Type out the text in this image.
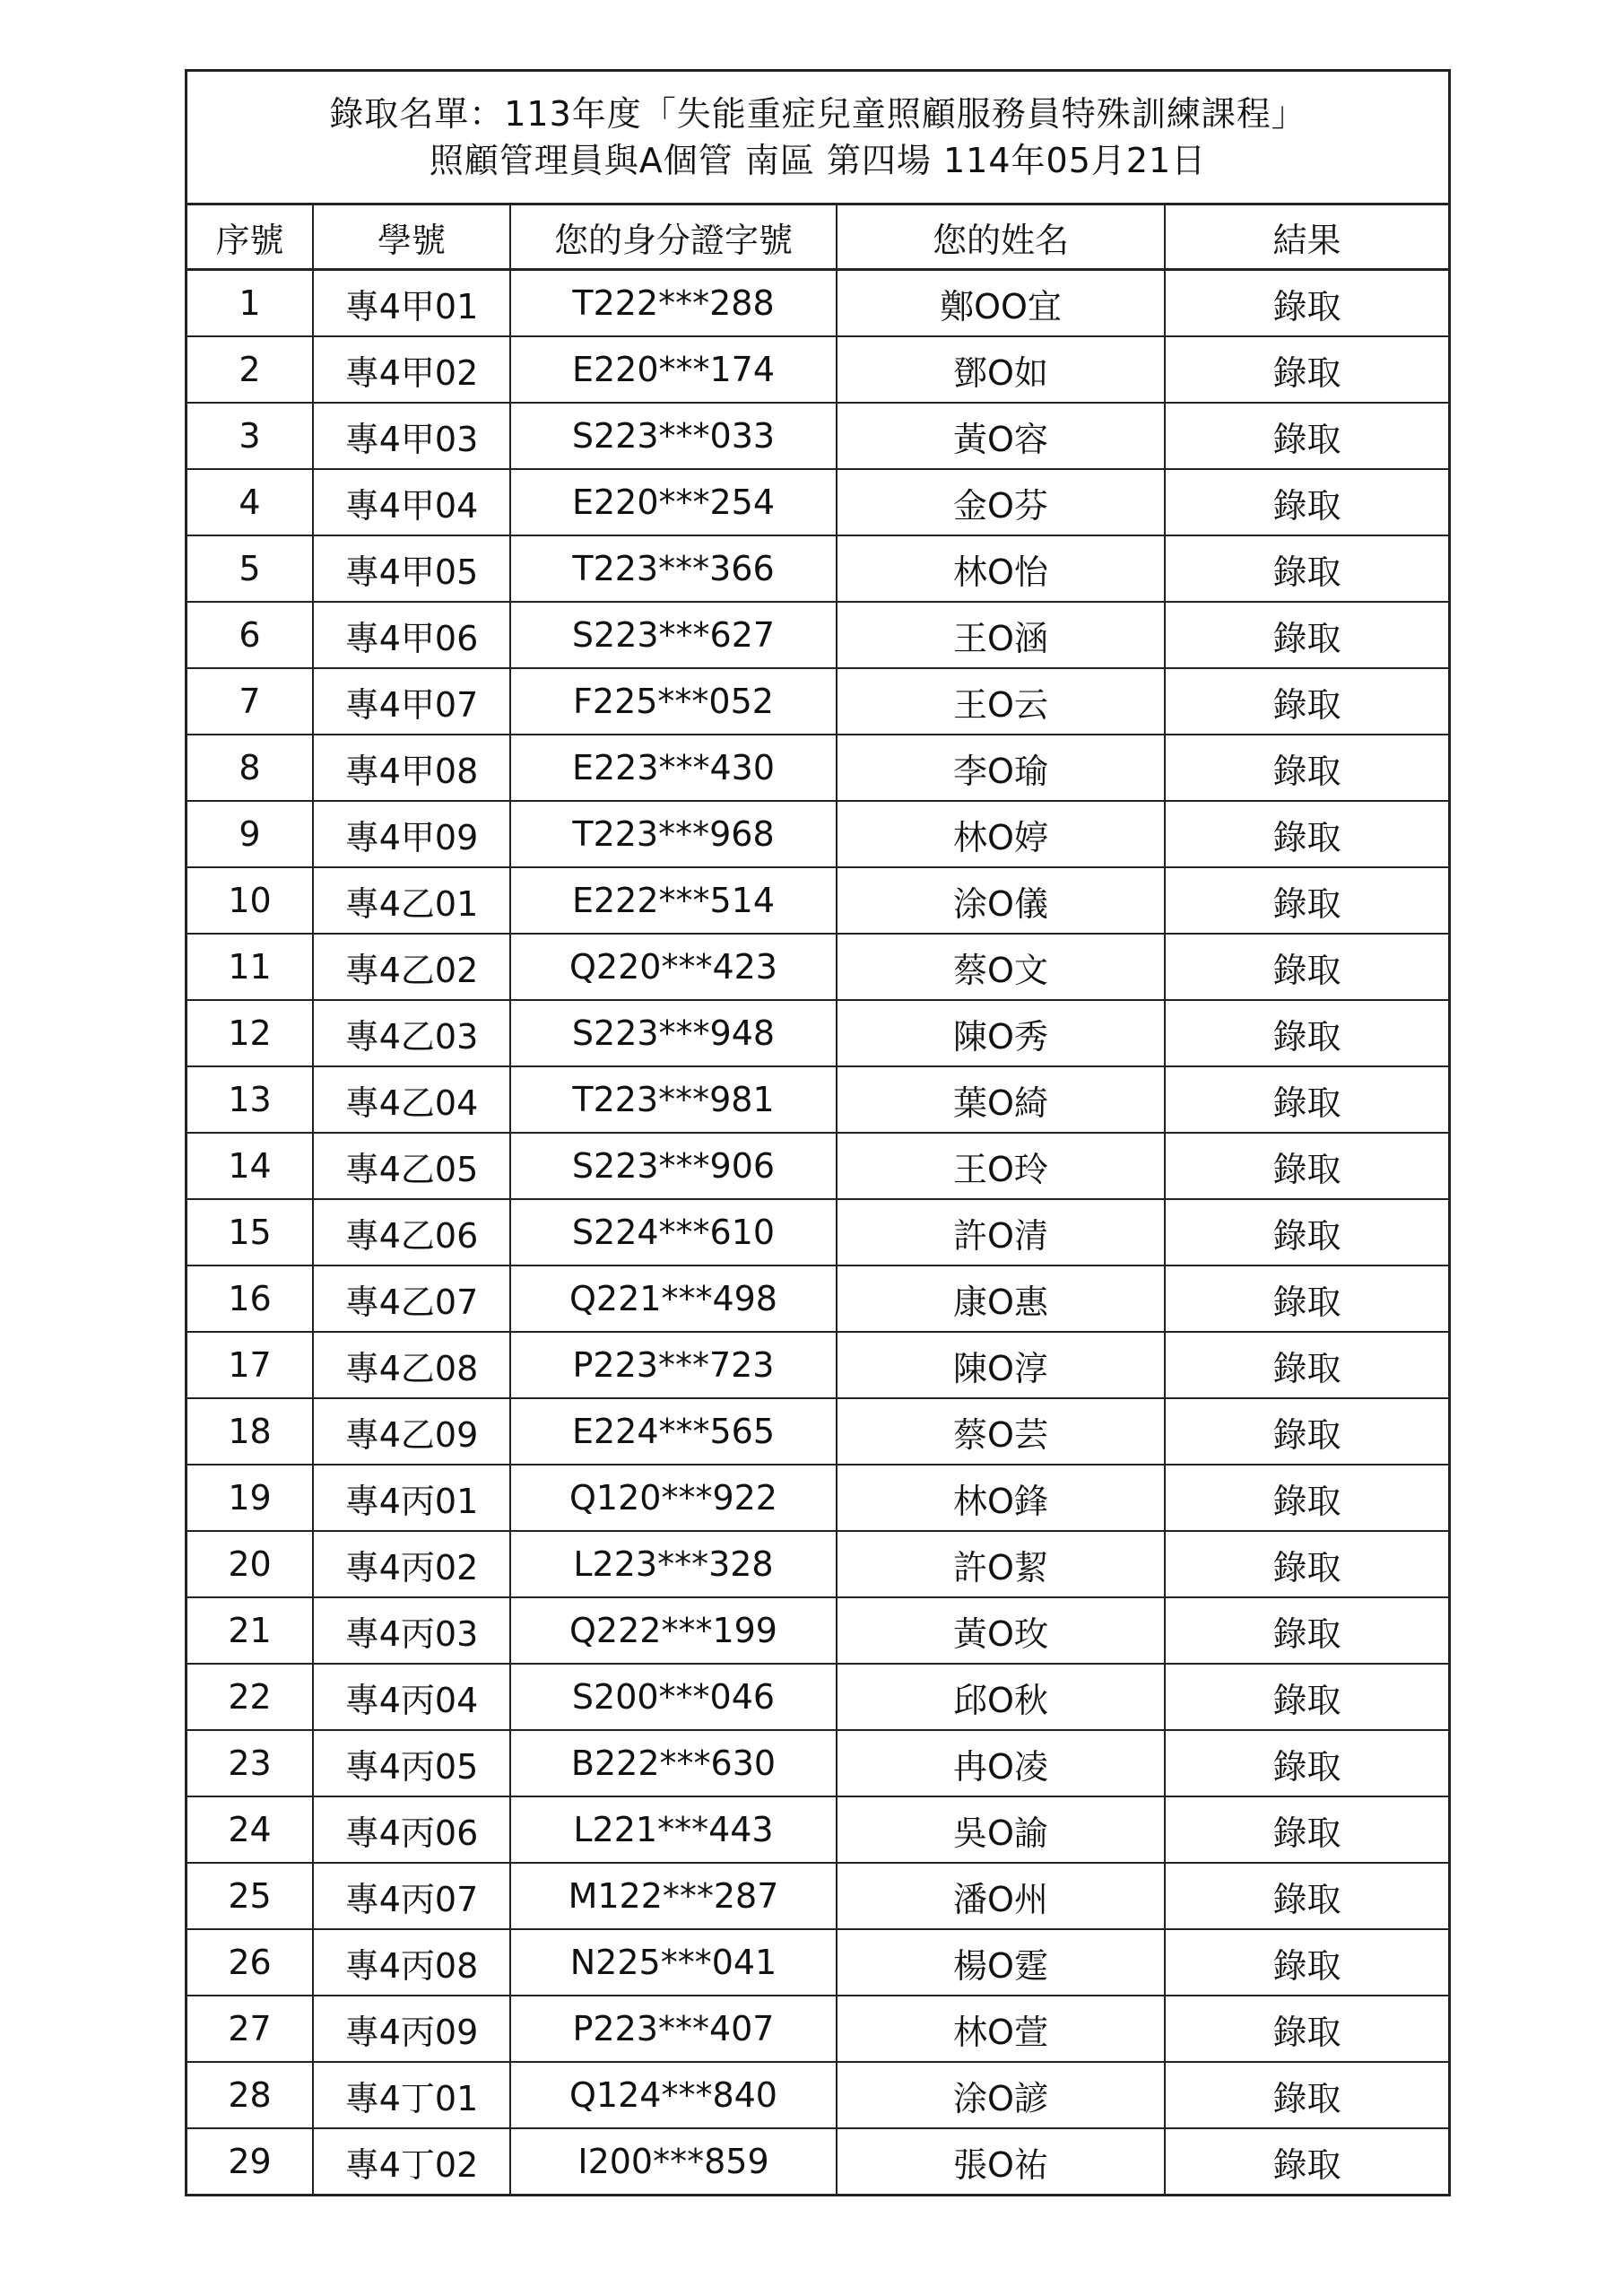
錄取名單：113年度「失能重症兒童照顧服務員特殊訓練課程」
照顧管理員與A個管 南區 第四場 114年05月21日
序號	學號	您的身分證字號	您的姓名	結果
1	專4甲01	T222***288	鄭OO宜	錄取
2	專4甲02	E220***174	鄧O如	錄取
3	專4甲03	S223***033	黃O容	錄取
4	專4甲04	E220***254	金O芬	錄取
5	專4甲05	T223***366	林O怡	錄取
6	專4甲06	S223***627	王O涵	錄取
7	專4甲07	F225***052	王O云	錄取
8	專4甲08	E223***430	李O瑜	錄取
9	專4甲09	T223***968	林O婷	錄取
10	專4乙01	E222***514	涂O儀	錄取
11	專4乙02	Q220***423	蔡O文	錄取
12	專4乙03	S223***948	陳O秀	錄取
13	專4乙04	T223***981	葉O綺	錄取
14	專4乙05	S223***906	王O玲	錄取
15	專4乙06	S224***610	許O清	錄取
16	專4乙07	Q221***498	康O惠	錄取
17	專4乙08	P223***723	陳O淳	錄取
18	專4乙09	E224***565	蔡O芸	錄取
19	專4丙01	Q120***922	林O鋒	錄取
20	專4丙02	L223***328	許O絜	錄取
21	專4丙03	Q222***199	黃O玫	錄取
22	專4丙04	S200***046	邱O秋	錄取
23	專4丙05	B222***630	冉O凌	錄取
24	專4丙06	L221***443	吳O諭	錄取
25	專4丙07	M122***287	潘O州	錄取
26	專4丙08	N225***041	楊O霆	錄取
27	專4丙09	P223***407	林O萱	錄取
28	專4丁01	Q124***840	涂O諺	錄取
29	專4丁02	I200***859	張O祐	錄取
